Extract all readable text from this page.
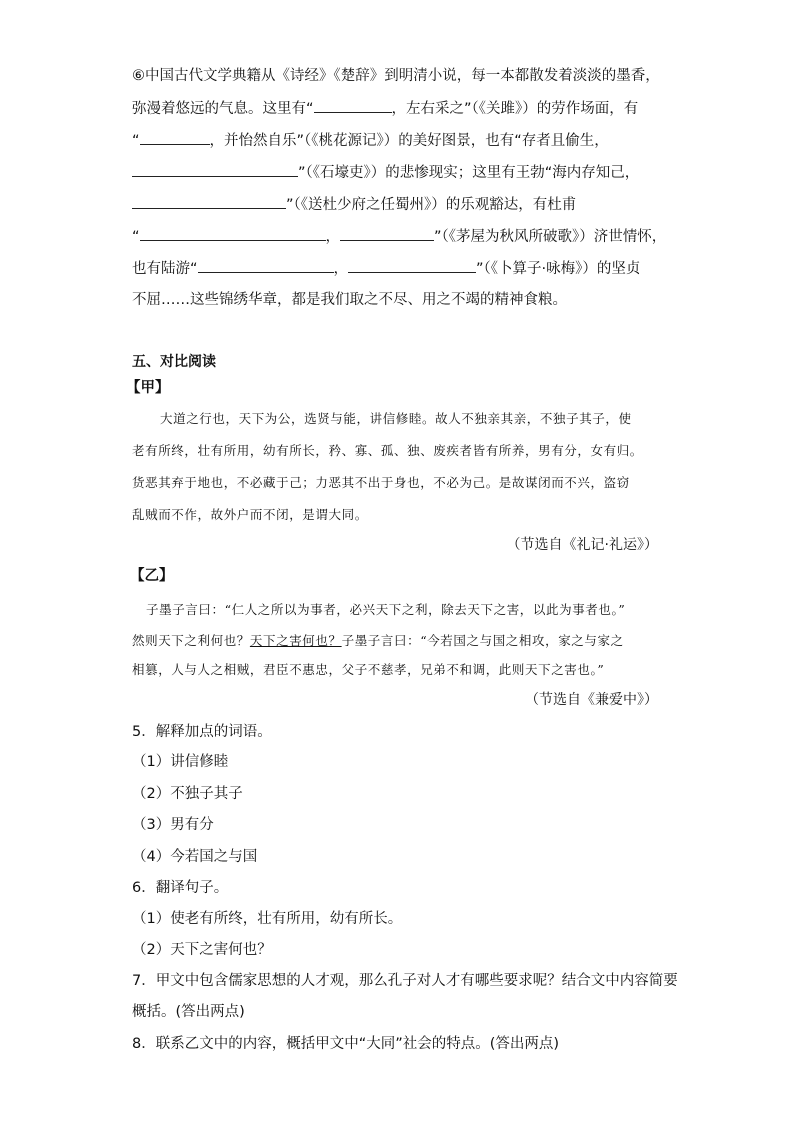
⑥中国古代文学典籍从《诗经》《楚辞》到明清小说，每一本都散发着淡淡的墨香，
弥漫着悠远的气息。这里有“	，左右采之”（《关雎》）的劳作场面，有
“	，并怡然自乐”（《桃花源记》）的美好图景，也有“存者且偷生，
”（《石壕吏》）的悲惨现实；这里有王勃“海内存知己，
”（《送杜少府之任蜀州》）的乐观豁达，有杜甫
“	，	”（《茅屋为秋风所破歌》）济世情怀，
也有陆游“	，	”（《卜算子·咏梅》）的坚贞
不屈……这些锦绣华章，都是我们取之不尽、用之不竭的精神食粮。
五、对比阅读
【甲】
大道之行也，天下为公，选贤与能，讲信修睦。故人不独亲其亲，不独子其子，使
老有所终，壮有所用，幼有所长，矜、寡、孤、独、废疾者皆有所养，男有分，女有归。
货恶其弃于地也，不必藏于己；力恶其不出于身也，不必为己。是故谋闭而不兴，盗窃
乱贼而不作，故外户而不闭，是谓大同。
（节选自《礼记·礼运》）
【乙】
子墨子言曰：“仁人之所以为事者，必兴天下之利，除去天下之害，以此为事者也。”
然则天下之利何也？天下之害何也？子墨子言曰：“今若国之与国之相攻，家之与家之
相篡，人与人之相贼，君臣不惠忠，父子不慈孝，兄弟不和调，此则天下之害也。”
（节选自《兼爱中》）
5．解释加点的词语。
（1）讲信修睦
（2）不独子其子
（3）男有分
（4）今若国之与国
6．翻译句子。
（1）使老有所终，壮有所用，幼有所长。
（2）天下之害何也？
7．甲文中包含儒家思想的人才观，那么孔子对人才有哪些要求呢？结合文中内容简要
概括。(答出两点)
8．联系乙文中的内容，概括甲文中“大同”社会的特点。(答出两点)
